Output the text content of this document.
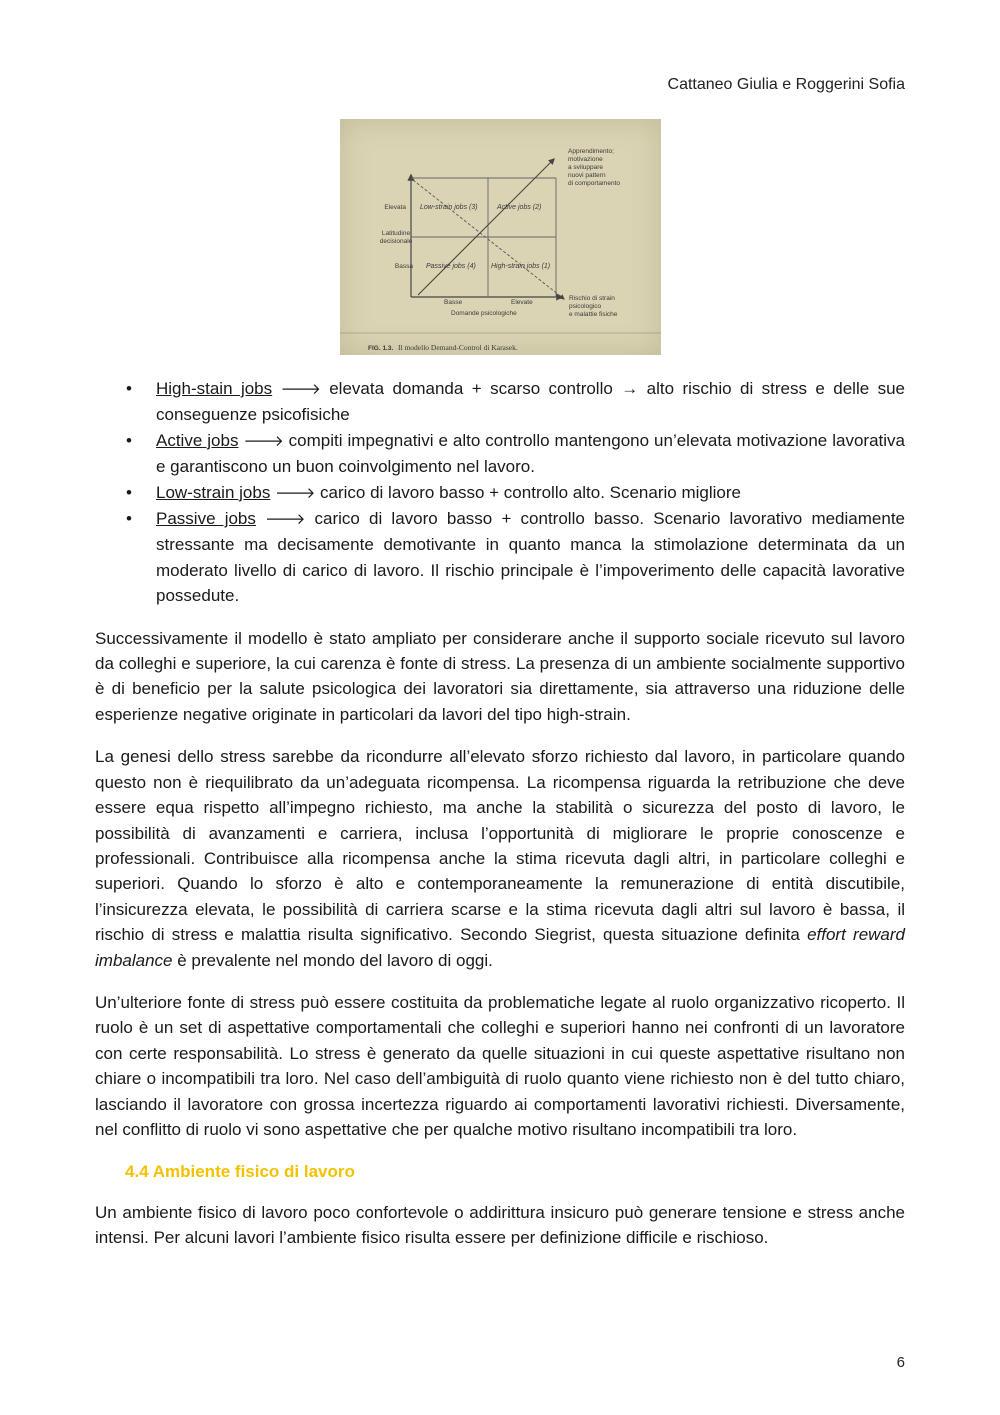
Cattaneo Giulia e Roggerini Sofia
Low-strain jobs (3)	Active jobs (2)
Passive jobs (4) High-strain jobs (1)
Elevata
Latitudine
decisionale
Bassa
Basse	Elevate
Domande psicologiche
Apprendimento;
motivazione
a sviluppare
nuovi pattern
di comportamento
Rischio di strain
psicologico
e malattie fisiche
FIG. 1.3. Il modello Demand-Control di Karasek.
• High-stain jobs 🡒 elevata domanda + scarso controllo → alto rischio di stress e delle sue conseguenze psicofisiche
• Active jobs 🡒 compiti impegnativi e alto controllo mantengono un’elevata motivazione lavorativa e garantiscono un buon coinvolgimento nel lavoro.
• Low-strain jobs 🡒 carico di lavoro basso + controllo alto. Scenario migliore
• Passive jobs 🡒 carico di lavoro basso + controllo basso. Scenario lavorativo mediamente stressante ma decisamente demotivante in quanto manca la stimolazione determinata da un moderato livello di carico di lavoro. Il rischio principale è l’impoverimento delle capacità lavorative possedute.

Successivamente il modello è stato ampliato per considerare anche il supporto sociale ricevuto sul lavoro da colleghi e superiore, la cui carenza è fonte di stress. La presenza di un ambiente socialmente supportivo è di beneficio per la salute psicologica dei lavoratori sia direttamente, sia attraverso una riduzione delle esperienze negative originate in particolari da lavori del tipo high-strain.

La genesi dello stress sarebbe da ricondurre all’elevato sforzo richiesto dal lavoro, in particolare quando questo non è riequilibrato da un’adeguata ricompensa. La ricompensa riguarda la retribuzione che deve essere equa rispetto all’impegno richiesto, ma anche la stabilità o sicurezza del posto di lavoro, le possibilità di avanzamenti e carriera, inclusa l’opportunità di migliorare le proprie conoscenze e professionali. Contribuisce alla ricompensa anche la stima ricevuta dagli altri, in particolare colleghi e superiori. Quando lo sforzo è alto e contemporaneamente la remunerazione di entità discutibile, l’insicurezza elevata, le possibilità di carriera scarse e la stima ricevuta dagli altri sul lavoro è bassa, il rischio di stress e malattia risulta significativo. Secondo Siegrist, questa situazione definita effort reward imbalance è prevalente nel mondo del lavoro di oggi.

Un’ulteriore fonte di stress può essere costituita da problematiche legate al ruolo organizzativo ricoperto. Il ruolo è un set di aspettative comportamentali che colleghi e superiori hanno nei confronti di un lavoratore con certe responsabilità. Lo stress è generato da quelle situazioni in cui queste aspettative risultano non chiare o incompatibili tra loro. Nel caso dell’ambiguità di ruolo quanto viene richiesto non è del tutto chiaro, lasciando il lavoratore con grossa incertezza riguardo ai comportamenti lavorativi richiesti. Diversamente, nel conflitto di ruolo vi sono aspettative che per qualche motivo risultano incompatibili tra loro.

4.4 Ambiente fisico di lavoro

Un ambiente fisico di lavoro poco confortevole o addirittura insicuro può generare tensione e stress anche intensi. Per alcuni lavori l’ambiente fisico risulta essere per definizione difficile e rischioso.

6
